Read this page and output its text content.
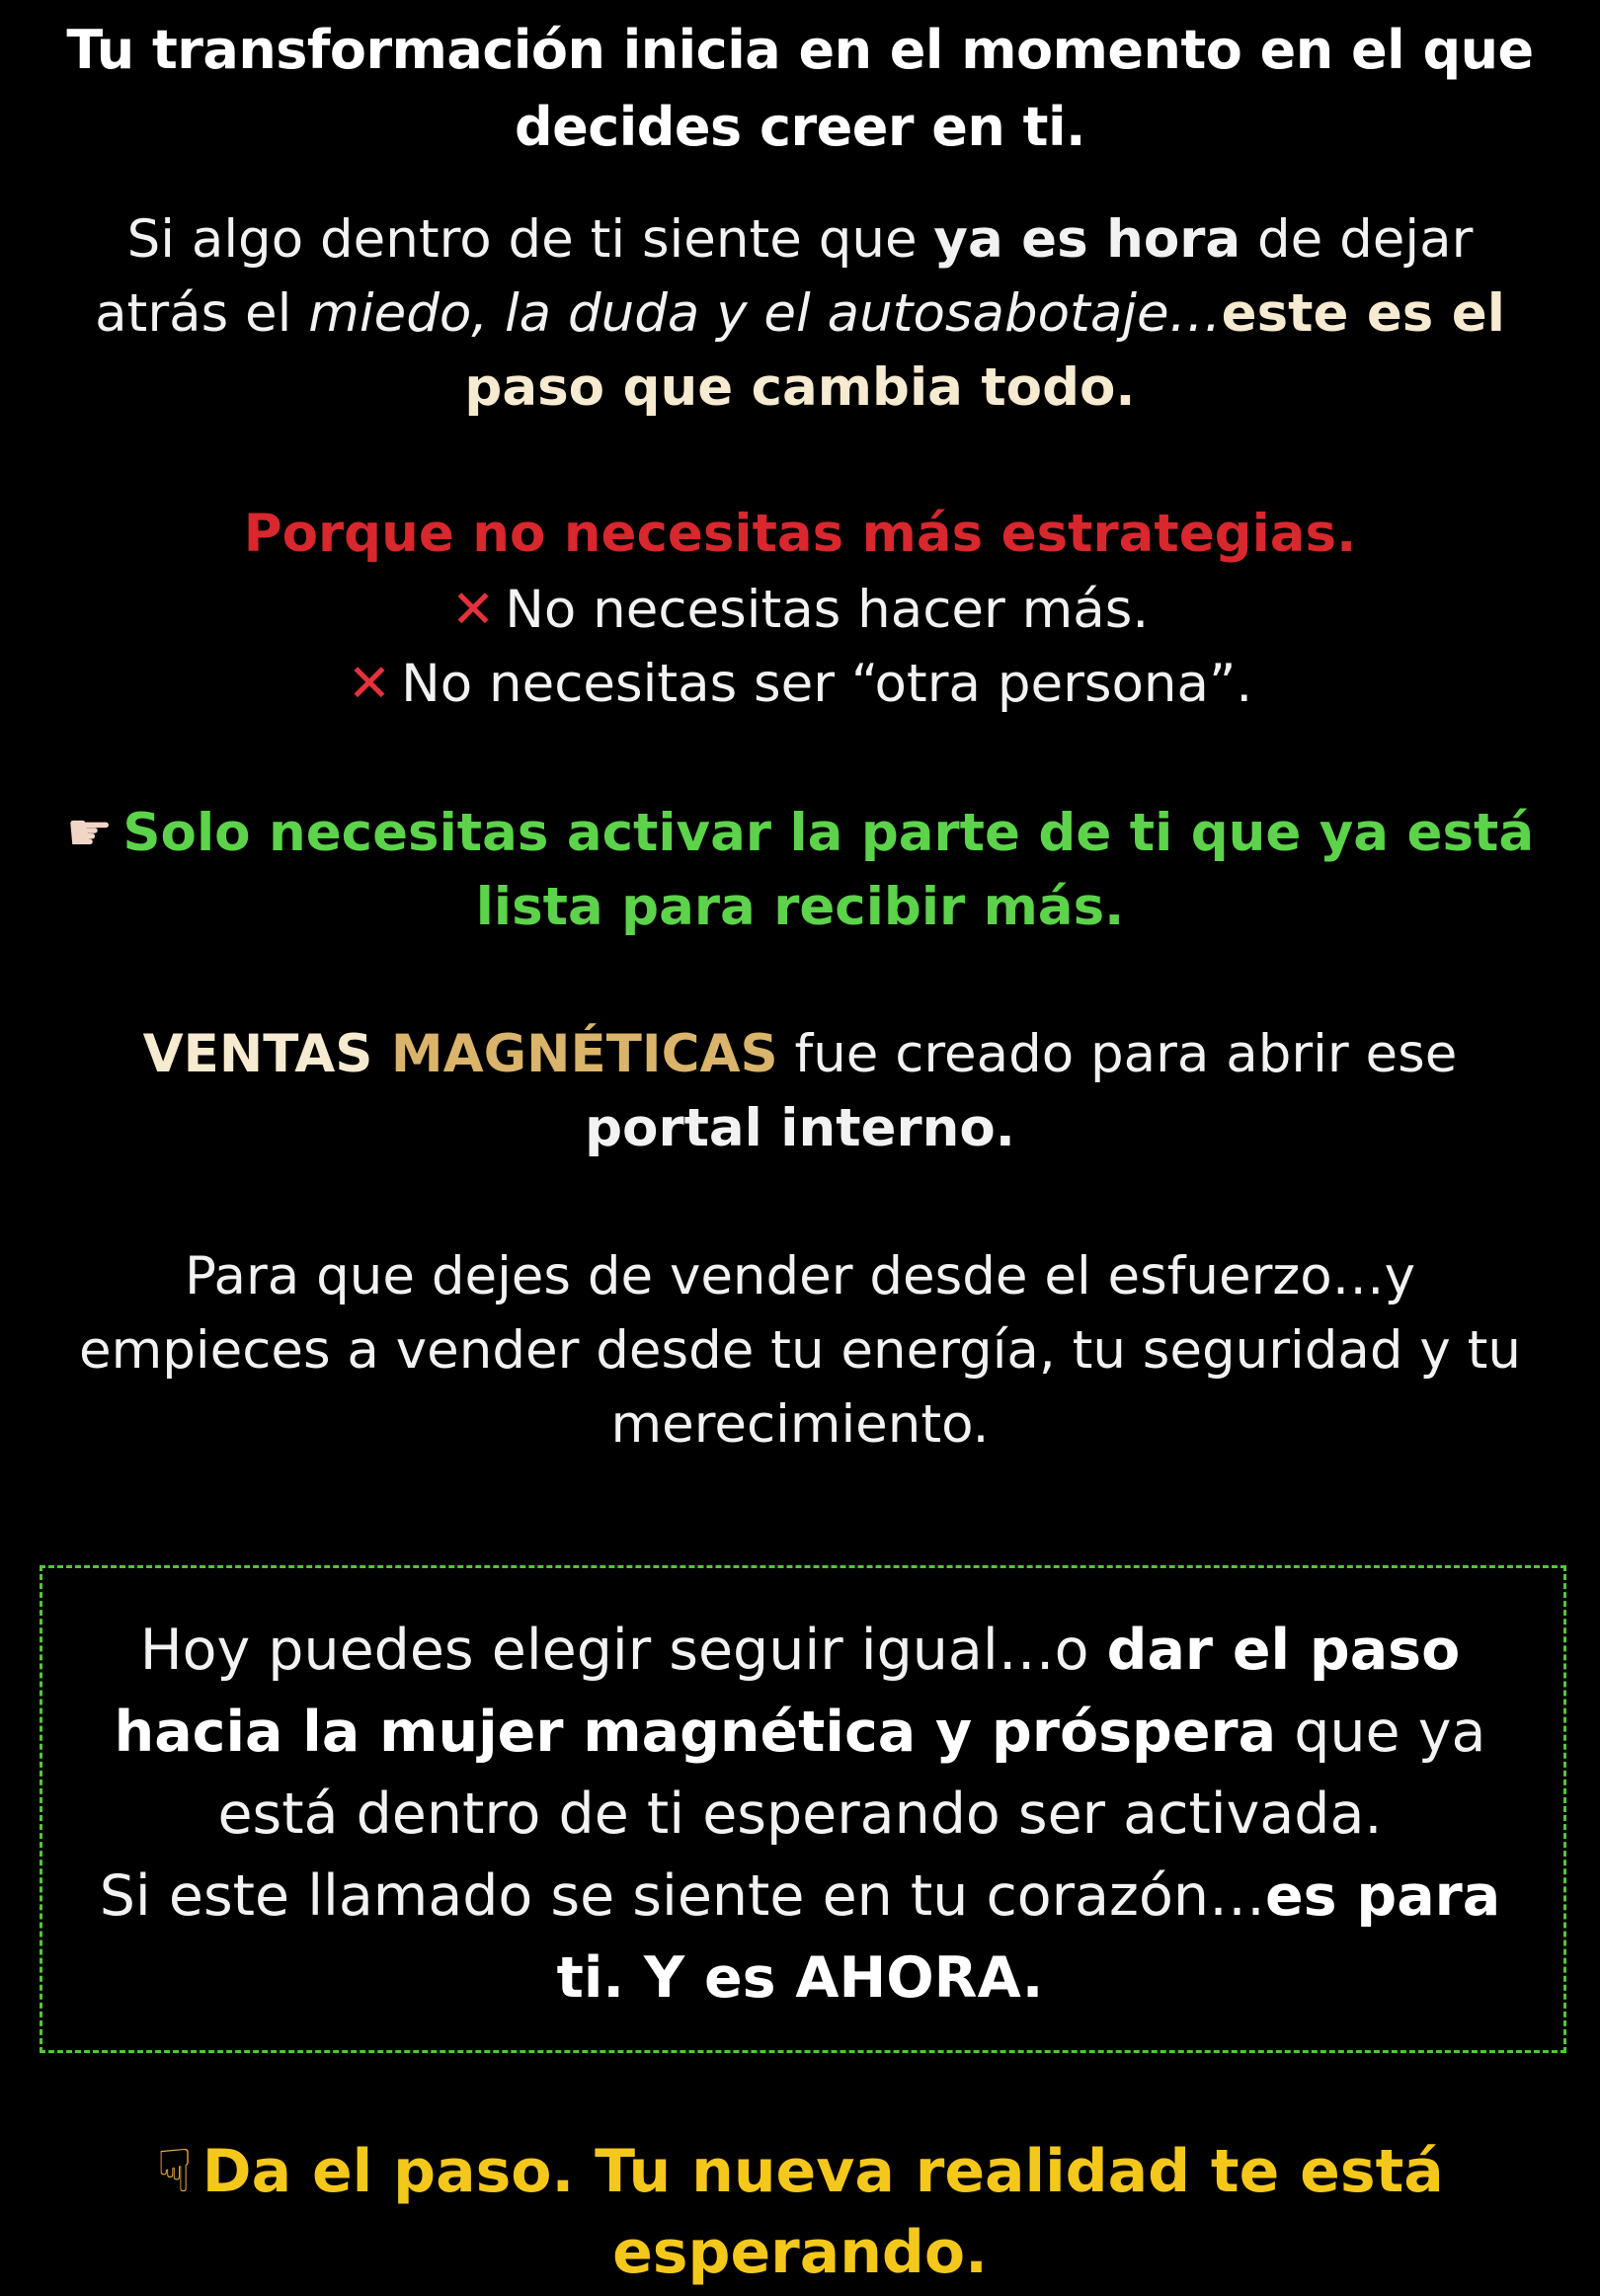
Tu transformación inicia en el momento en el que decides creer en ti.
Si algo dentro de ti siente que ya es hora de dejar atrás el miedo, la duda y el autosabotaje…este es el paso que cambia todo.
Porque no necesitas más estrategias.
✕ No necesitas hacer más.
✕ No necesitas ser “otra persona”.
☛ Solo necesitas activar la parte de ti que ya está lista para recibir más.
VENTAS MAGNÉTICAS fue creado para abrir ese portal interno.
Para que dejes de vender desde el esfuerzo…y empieces a vender desde tu energía, tu seguridad y tu merecimiento.
Hoy puedes elegir seguir igual…o dar el paso hacia la mujer magnética y próspera que ya está dentro de ti esperando ser activada.
Si este llamado se siente en tu corazón…es para ti. Y es AHORA.
☟ Da el paso. Tu nueva realidad te está esperando.
